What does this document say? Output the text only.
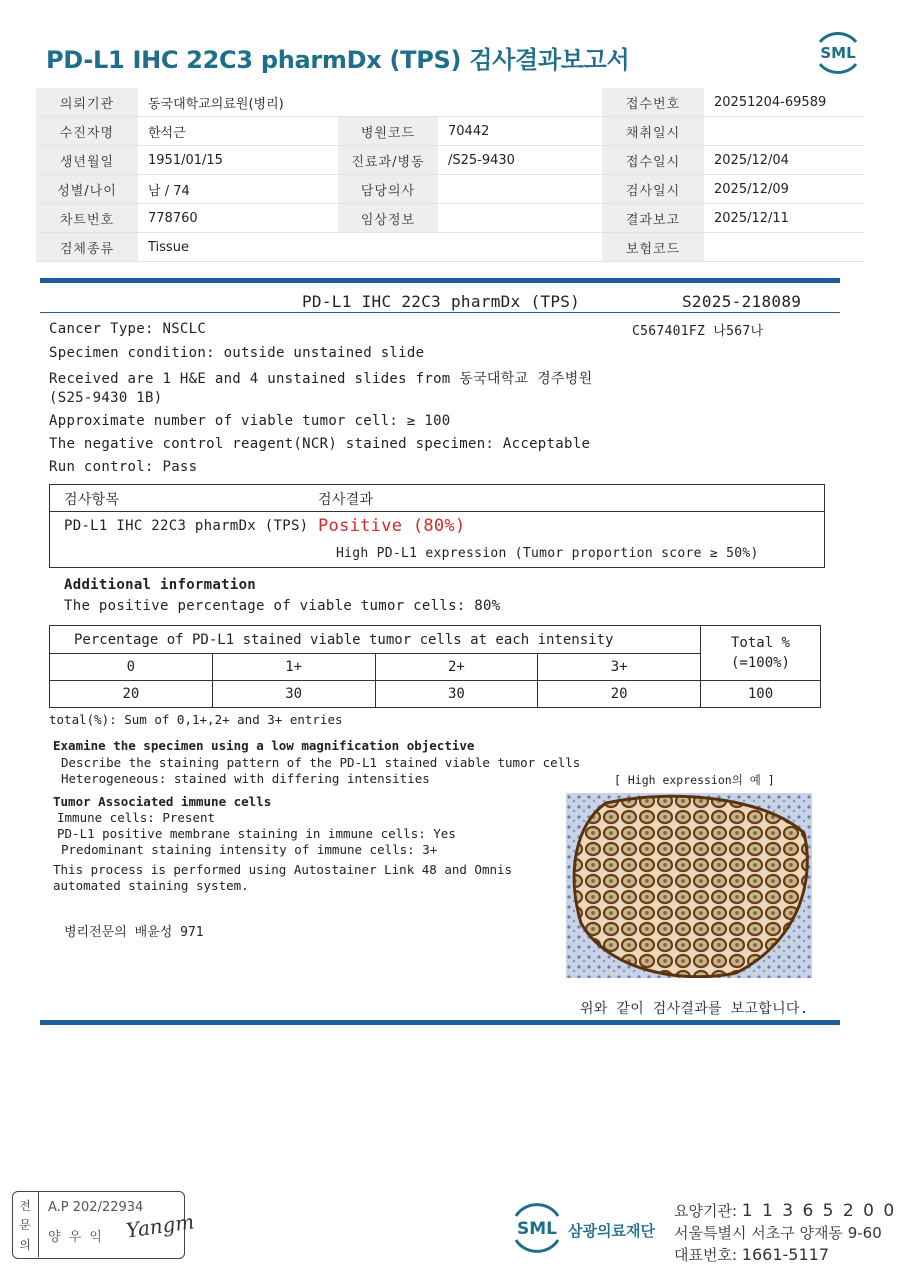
PD-L1 IHC 22C3 pharmDx (TPS) 검사결과보고서	SML
의뢰기관	동국대학교의료원(병리)			접수번호	20251204-69589
수진자명	한석근	병원코드	70442	채취일시	
생년월일	1951/01/15	진료과/병동	/S25-9430	접수일시	2025/12/04
성별/나이	남 / 74	담당의사		검사일시	2025/12/09
차트번호	778760	임상정보		결과보고	2025/12/11
검체종류	Tissue			보험코드	
PD-L1 IHC 22C3 pharmDx (TPS)	S2025-218089
C567401FZ 나567나
Cancer Type: NSCLC
Specimen condition: outside unstained slide
Received are 1 H&E and 4 unstained slides from 동국대학교 경주병원
(S25-9430 1B)
Approximate number of viable tumor cell: ≥ 100
The negative control reagent(NCR) stained specimen: Acceptable
Run control: Pass
검사항목	검사결과
PD-L1 IHC 22C3 pharmDx (TPS) Positive (80%)
High PD-L1 expression (Tumor proportion score ≥ 50%)
Additional information
The positive percentage of viable tumor cells: 80%
Percentage of PD-L1 stained viable tumor cells at each intensity				Total %
(=100%)

0	1+	2+	3+	
20	30	30	20	100
total(%): Sum of 0,1+,2+ and 3+ entries
Examine the specimen using a low magnification objective
Describe the staining pattern of the PD-L1 stained viable tumor cells
Heterogeneous: stained with differing intensities	[ High expression의 예 ]
Tumor Associated immune cells
Immune cells: Present
PD-L1 positive membrane staining in immune cells: Yes
Predominant staining intensity of immune cells: 3+
This process is performed using Autostainer Link 48 and Omnis
automated staining system.
병리전문의 배윤성 971
위와 같이 검사결과를 보고합니다.
전
문
의
A.P 202/22934
양 우 익 Yangm	SML 삼광의료재단
요양기관: 1 1 3 6 5 2 0 0
서울특별시 서초구 양재동 9-60
대표번호: 1661-5117
